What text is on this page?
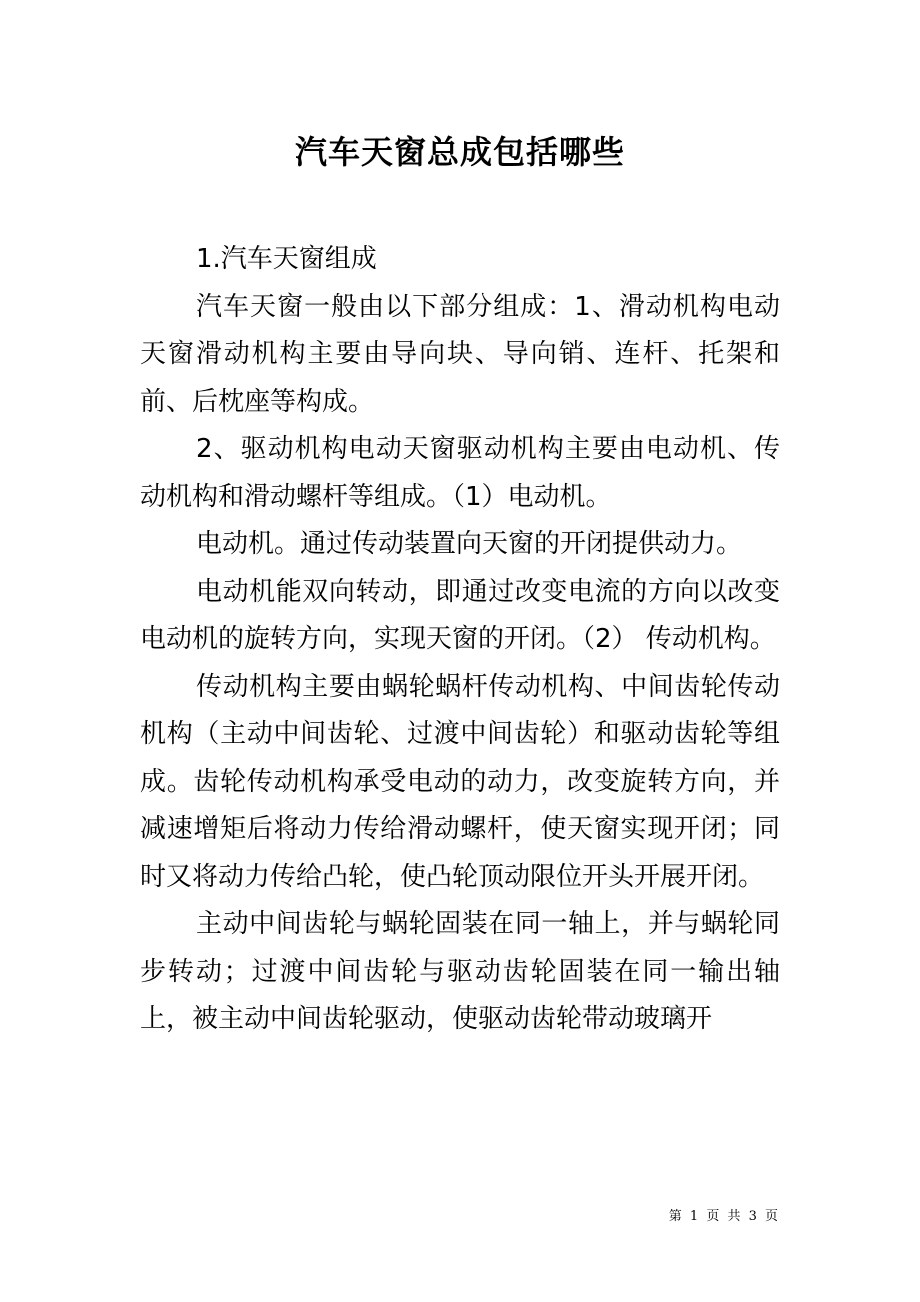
汽车天窗总成包括哪些

1.汽车天窗组成

汽车天窗一般由以下部分组成：1、滑动机构电动天窗滑动机构主要由导向块、导向销、连杆、托架和前、后枕座等构成。

2、驱动机构电动天窗驱动机构主要由电动机、传动机构和滑动螺杆等组成。（1）电动机。

电动机。通过传动装置向天窗的开闭提供动力。

电动机能双向转动，即通过改变电流的方向以改变电动机的旋转方向，实现天窗的开闭。（2） 传动机构。

传动机构主要由蜗轮蜗杆传动机构、中间齿轮传动机构（主动中间齿轮、过渡中间齿轮）和驱动齿轮等组成。齿轮传动机构承受电动的动力，改变旋转方向，并减速增矩后将动力传给滑动螺杆，使天窗实现开闭；同时又将动力传给凸轮，使凸轮顶动限位开头开展开闭。

主动中间齿轮与蜗轮固装在同一轴上，并与蜗轮同步转动；过渡中间齿轮与驱动齿轮固装在同一输出轴上，被主动中间齿轮驱动，使驱动齿轮带动玻璃开

第 1 页 共 3 页
